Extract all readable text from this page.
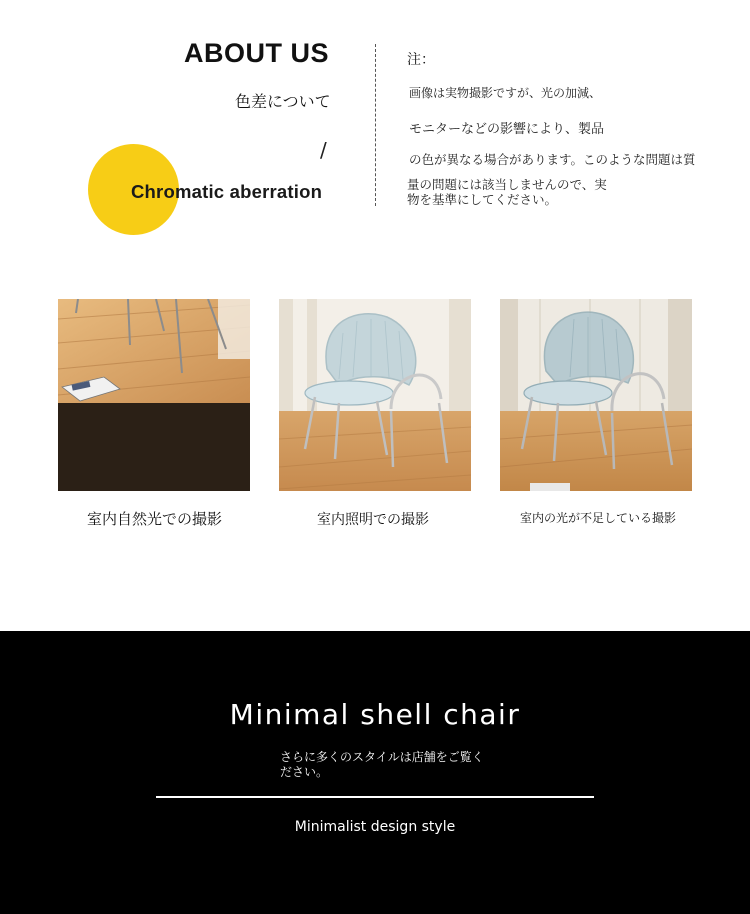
ABOUT US
色差について
/
Chromatic aberration
注：
画像は実物撮影ですが、光の加減、
モニターなどの影響により、製品
の色が異なる場合があります。このような問題は質
量の問題には該当しませんので、実
物を基準にしてください。
室内自然光での撮影	室内照明での撮影	室内の光が不足している撮影
Minimal shell chair
さらに多くのスタイルは店舗をご覧ください。
Minimalist design style
